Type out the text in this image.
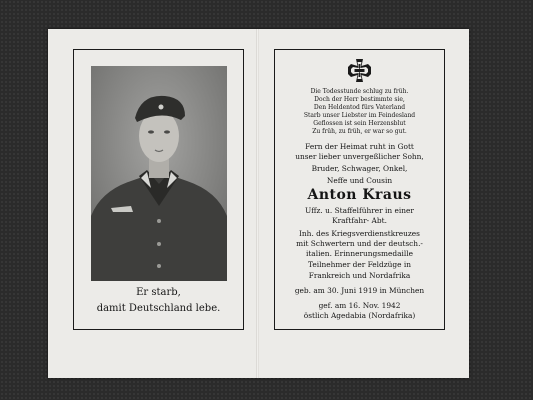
Er starb,
damit Deutschland lebe.
Die Todesstunde schlug zu früh.
Doch der Herr bestimmte sie,
Den Heldentod fürs Vaterland
Starb unser Liebster im Feindesland
Geflossen ist sein Herzensblut
Zu früh, zu früh, er war so gut.
Fern der Heimat ruht in Gott
unser lieber unvergeßlicher Sohn,
Bruder, Schwager, Onkel,
Neffe und Cousin
Anton Kraus
Uffz. u. Staffelführer in einer
Kraftfahr- Abt.
Inh. des Kriegsverdienstkreuzes
mit Schwertern und der deutsch.-
italien. Erinnerungsmedaille
Teilnehmer der Feldzüge in
Frankreich und Nordafrika
geb. am 30. Juni 1919 in München
gef. am 16. Nov. 1942
östlich Agedabia (Nordafrika)
